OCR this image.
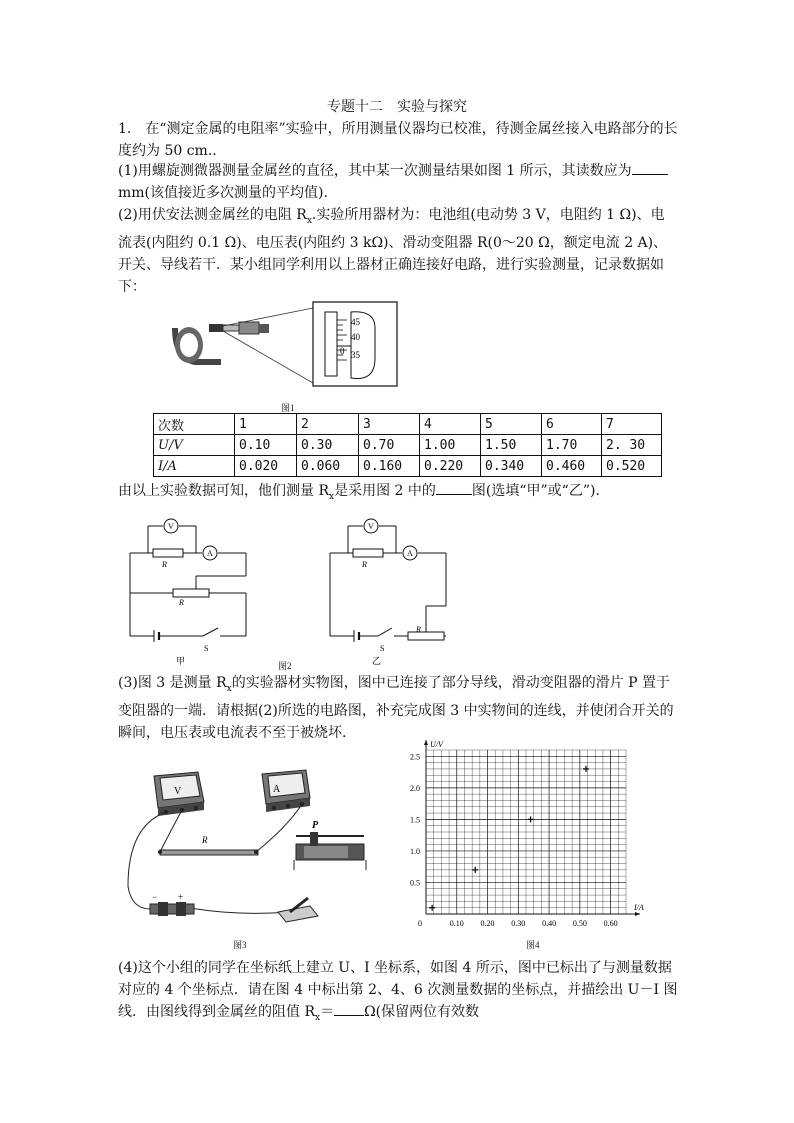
专题十二　实验与探究
1.　在“测定金属的电阻率”实验中，所用测量仪器均已校准，待测金属丝接入电路部分的长度约为 50 cm..
(1)用螺旋测微器测量金属丝的直径，其中某一次测量结果如图 1 所示，其读数应为mm(该值接近多次测量的平均值).
(2)用伏安法测金属丝的电阻 $R_x$.实验所用器材为：电池组(电动势 3 V，电阻约 1 Ω)、电流表(内阻约 0.1 Ω)、电压表(内阻约 3 kΩ)、滑动变阻器 R(0～20 Ω，额定电流 2 A)、开关、导线若干．某小组同学利用以上器材正确连接好电路，进行实验测量，记录数据如下：
45
40
35
0
图1
次数	1	2	3	4	5	6	7
U/V	0.10	0.30	0.70	1.00	1.50	1.70	2. 30
I/A	0.020	0.060	0.160	0.220	0.340	0.460	0.520
由以上实验数据可知，他们测量 $R_x$是采用图 2 中的	图(选填“甲”或“乙”).
V
A
R
R
S
甲
V
A
R
R
S
乙
图2
(3)图 3 是测量 $R_x$的实验器材实物图，图中已连接了部分导线，滑动变阻器的滑片 P 置于变阻器的一端．请根据(2)所选的电路图，补充完成图 3 中实物间的连线，并使闭合开关的瞬间，电压表或电流表不至于被烧坏.
V	A
R
P
− +
图3
0.10 0.20 0.30 0.40 0.50 0.60
0.5
1.0
1.5
2.0
2.5
0
I/A
U/V
图4
(4)这个小组的同学在坐标纸上建立 U、I 坐标系，如图 4 所示，图中已标出了与测量数据对应的 4 个坐标点．请在图 4 中标出第 2、4、6 次测量数据的坐标点，并描绘出 U－I 图线．由图线得到金属丝的阻值 $R_x= \Omega$(保留两位有效数
